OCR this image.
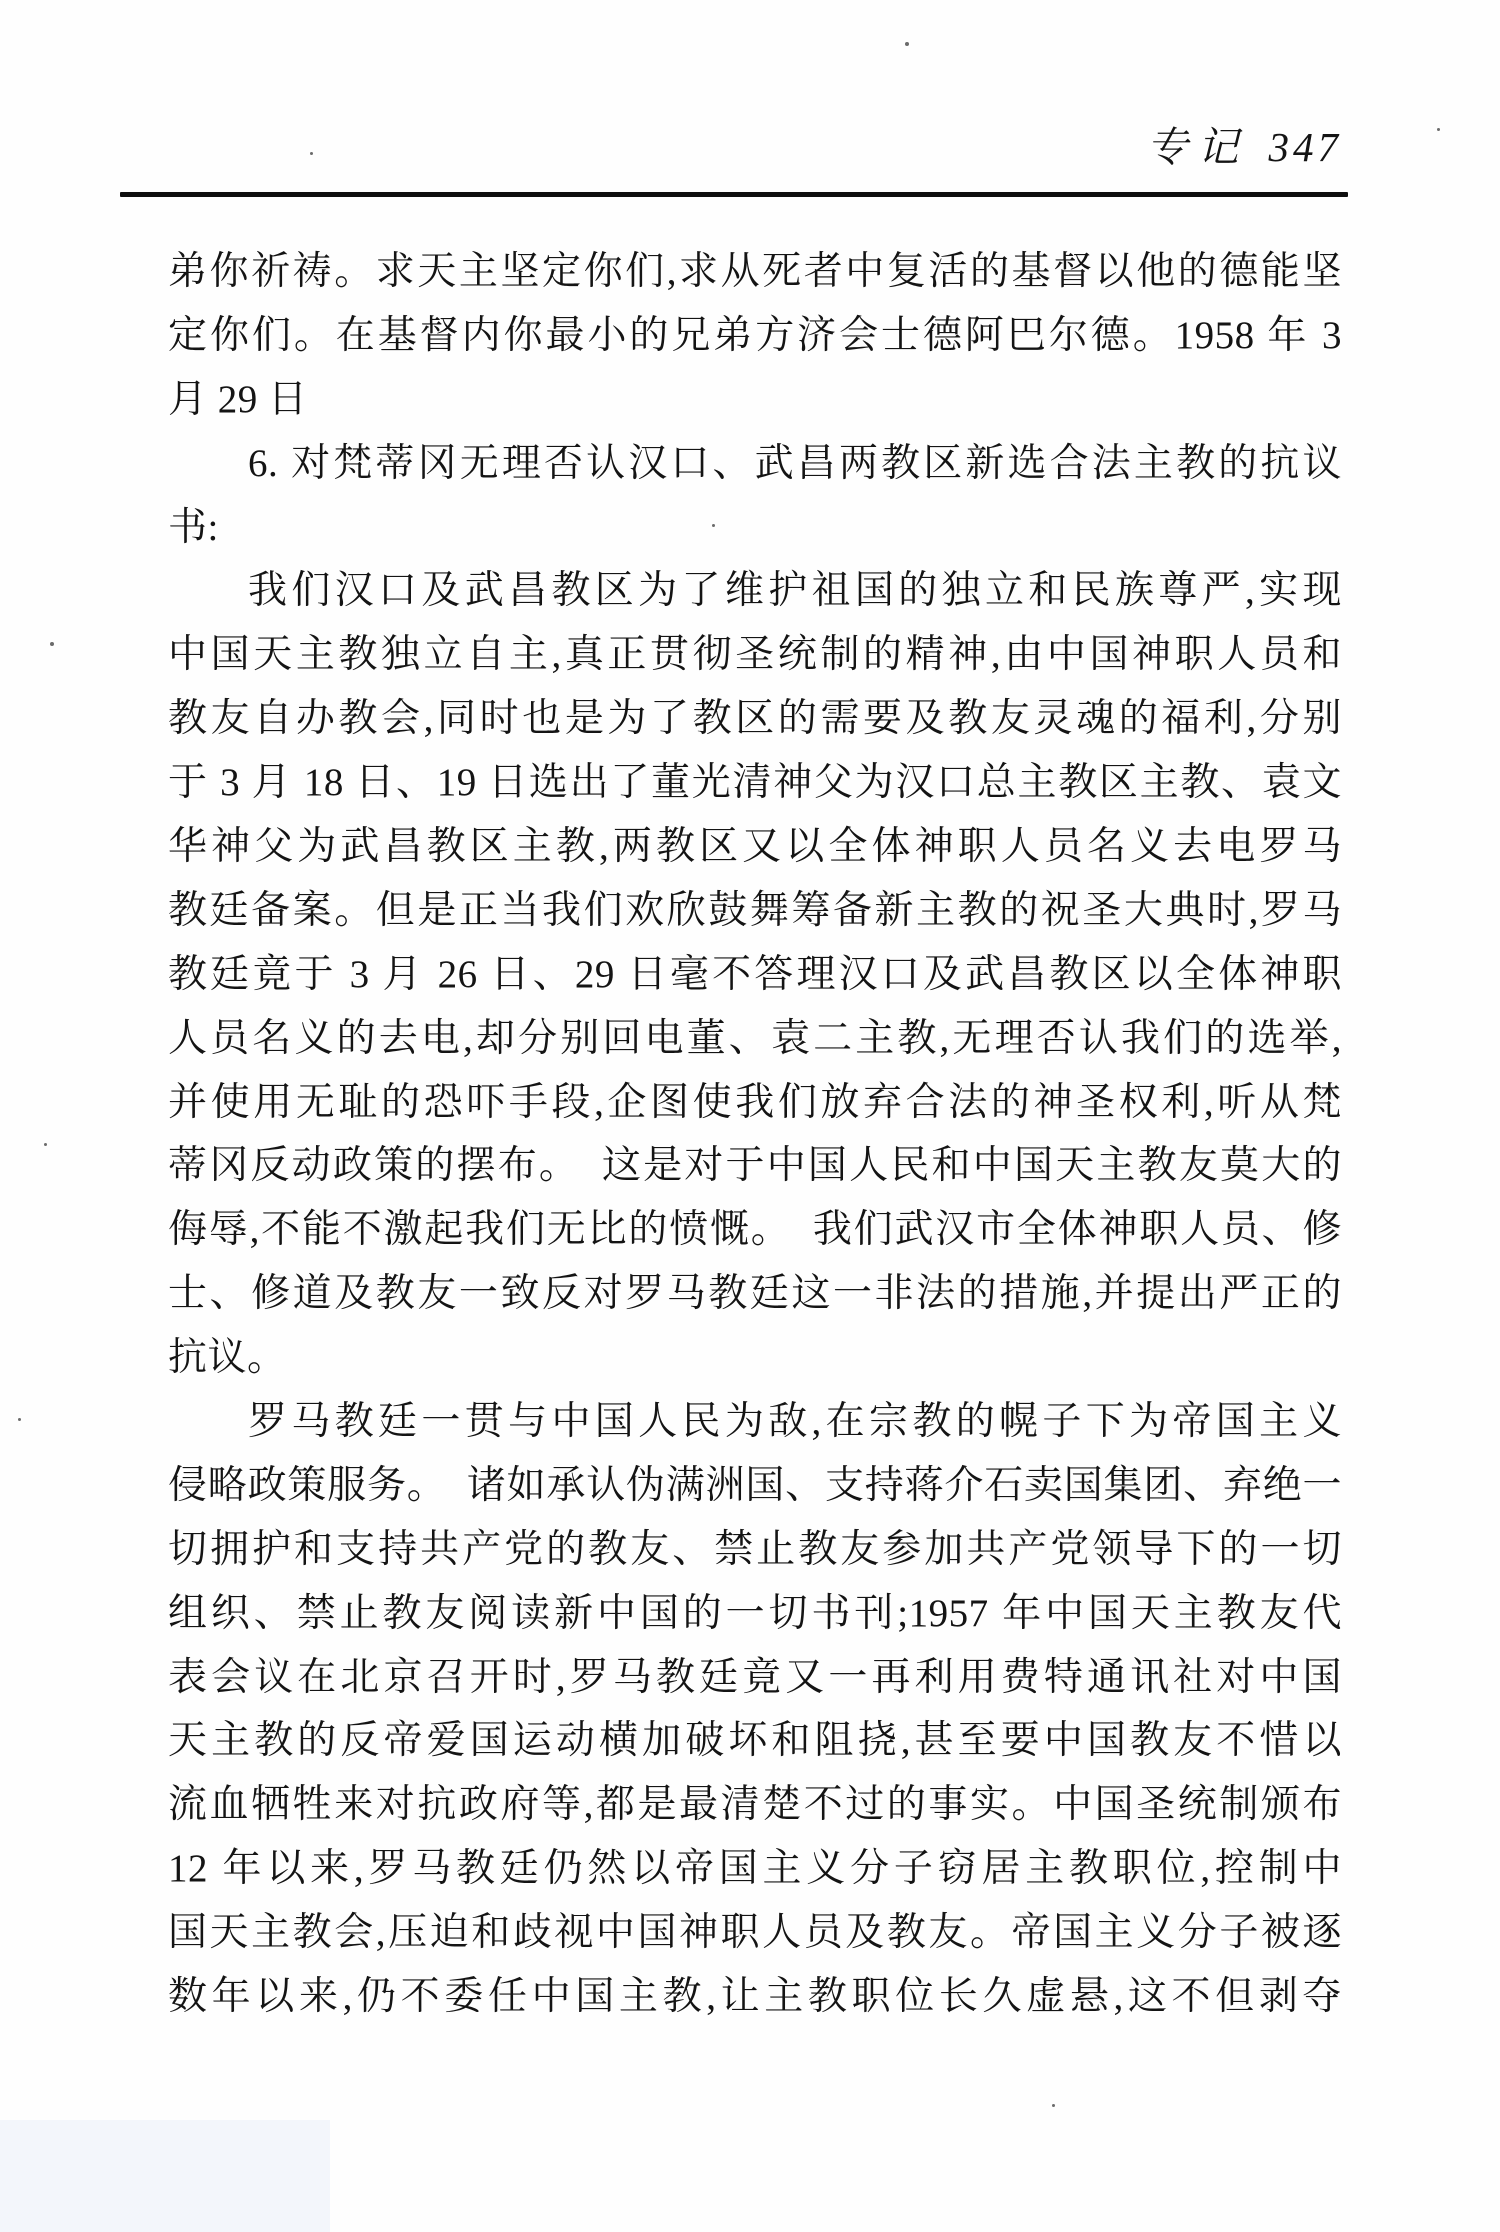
专记 347
弟你祈祷。求天主坚定你们,求从死者中复活的基督以他的德能坚
定你们。在基督内你最小的兄弟方济会士德阿巴尔德。1958 年 3
月 29 日
6. 对梵蒂冈无理否认汉口、武昌两教区新选合法主教的抗议
书:
我们汉口及武昌教区为了维护祖国的独立和民族尊严,实现
中国天主教独立自主,真正贯彻圣统制的精神,由中国神职人员和
教友自办教会,同时也是为了教区的需要及教友灵魂的福利,分别
于 3 月 18 日、19 日选出了董光清神父为汉口总主教区主教、袁文
华神父为武昌教区主教,两教区又以全体神职人员名义去电罗马
教廷备案。但是正当我们欢欣鼓舞筹备新主教的祝圣大典时,罗马
教廷竟于 3 月 26 日、29 日毫不答理汉口及武昌教区以全体神职
人员名义的去电,却分别回电董、袁二主教,无理否认我们的选举,
并使用无耻的恐吓手段,企图使我们放弃合法的神圣权利,听从梵
蒂冈反动政策的摆布。　这是对于中国人民和中国天主教友莫大的
侮辱,不能不激起我们无比的愤慨。　我们武汉市全体神职人员、修
士、修道及教友一致反对罗马教廷这一非法的措施,并提出严正的
抗议。
罗马教廷一贯与中国人民为敌,在宗教的幌子下为帝国主义
侵略政策服务。　诸如承认伪满洲国、支持蒋介石卖国集团、弃绝一
切拥护和支持共产党的教友、禁止教友参加共产党领导下的一切
组织、禁止教友阅读新中国的一切书刊;1957 年中国天主教友代
表会议在北京召开时,罗马教廷竟又一再利用费特通讯社对中国
天主教的反帝爱国运动横加破坏和阻挠,甚至要中国教友不惜以
流血牺牲来对抗政府等,都是最清楚不过的事实。中国圣统制颁布
12 年以来,罗马教廷仍然以帝国主义分子窃居主教职位,控制中
国天主教会,压迫和歧视中国神职人员及教友。帝国主义分子被逐
数年以来,仍不委任中国主教,让主教职位长久虚悬,这不但剥夺
